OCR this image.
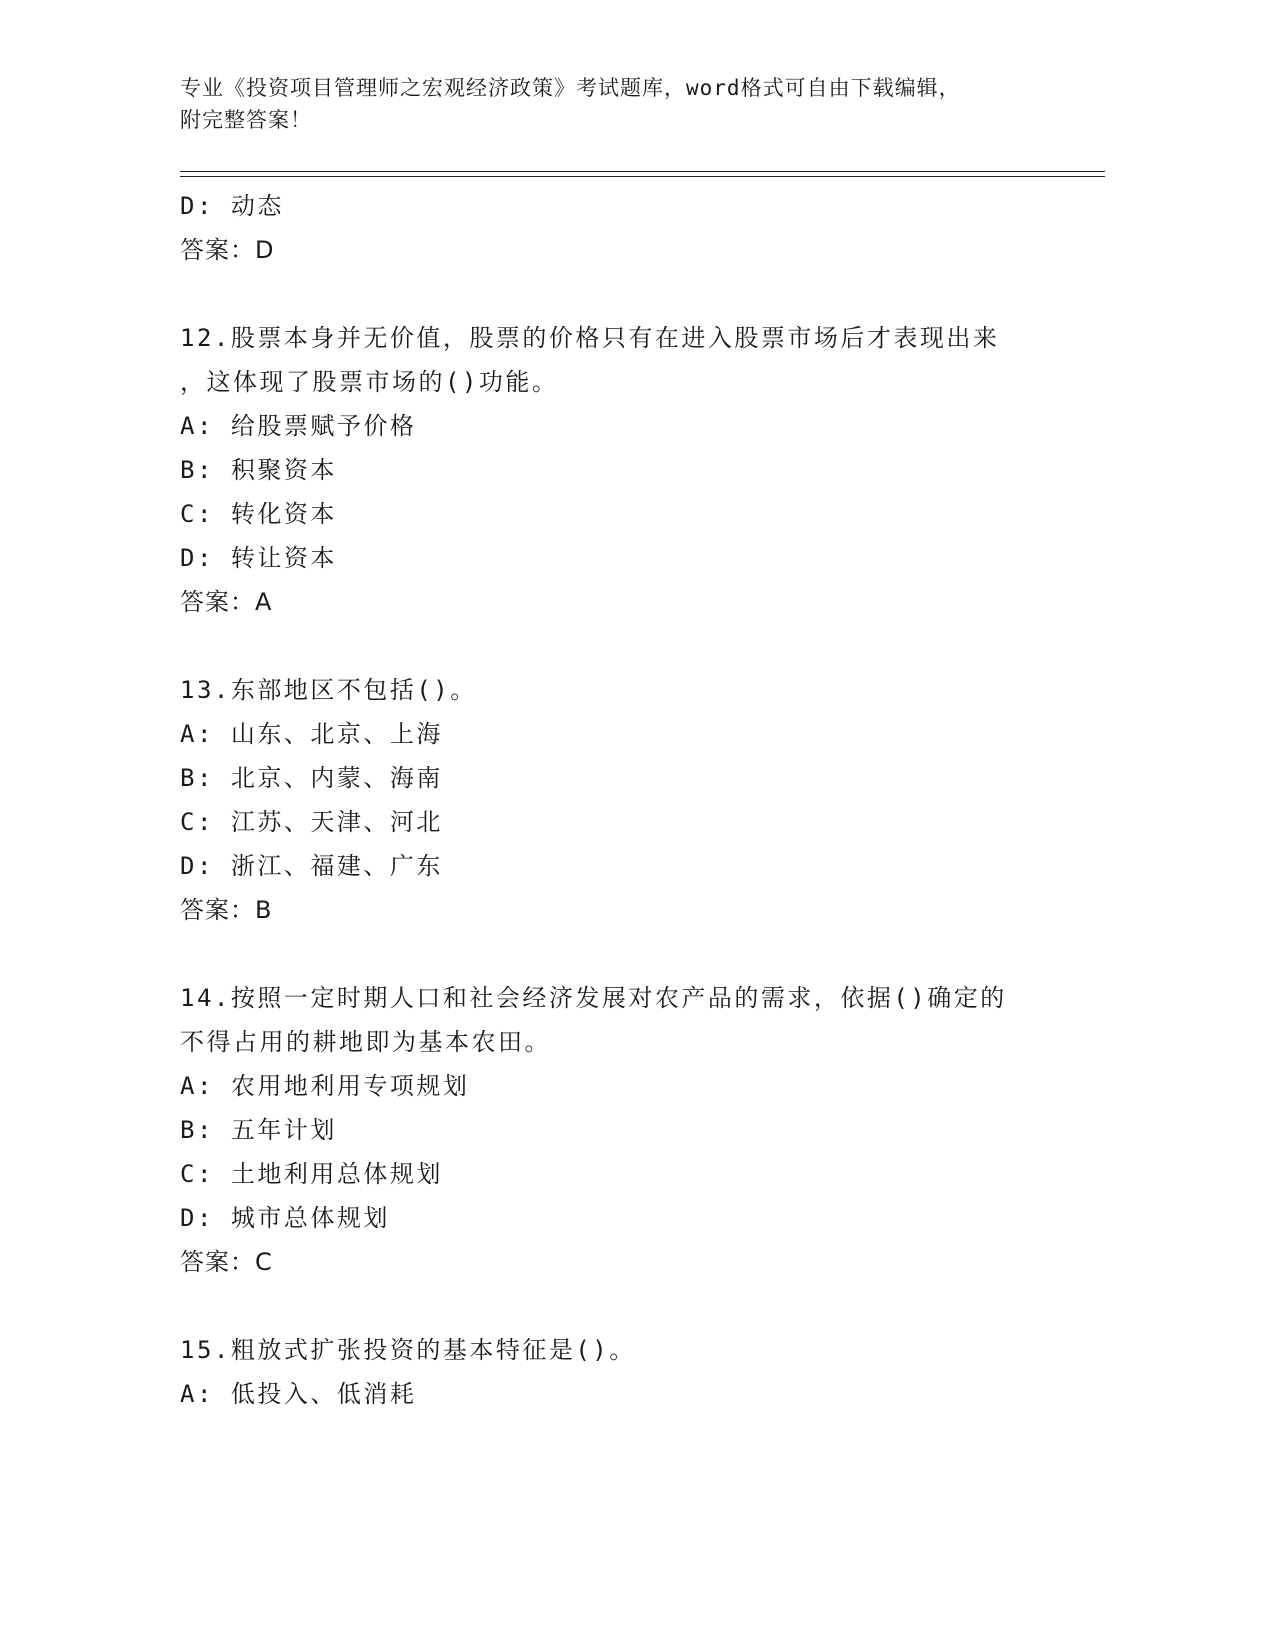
专业《投资项目管理师之宏观经济政策》考试题库，word格式可自由下载编辑，
附完整答案！
D: 动态
答案：D
12.股票本身并无价值，股票的价格只有在进入股票市场后才表现出来
，这体现了股票市场的()功能。
A: 给股票赋予价格
B: 积聚资本
C: 转化资本
D: 转让资本
答案：A
13.东部地区不包括()。
A: 山东、北京、上海
B: 北京、内蒙、海南
C: 江苏、天津、河北
D: 浙江、福建、广东
答案：B
14.按照一定时期人口和社会经济发展对农产品的需求，依据()确定的
不得占用的耕地即为基本农田。
A: 农用地利用专项规划
B: 五年计划
C: 土地利用总体规划
D: 城市总体规划
答案：C
15.粗放式扩张投资的基本特征是()。
A: 低投入、低消耗
